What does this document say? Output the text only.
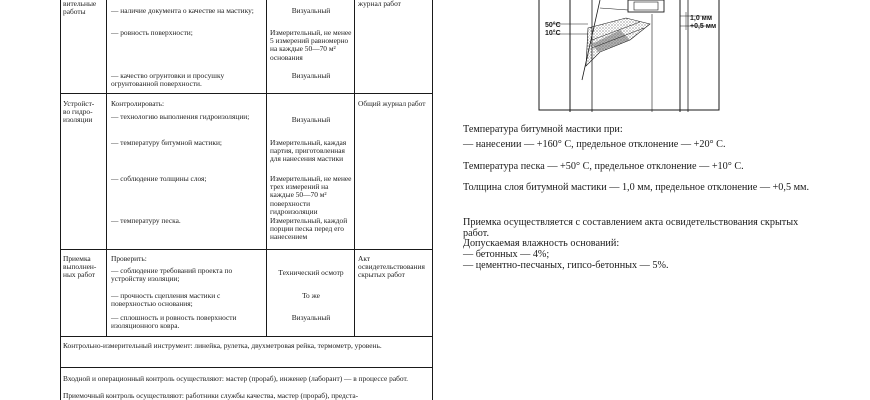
вительные
работы	— наличие документа о качестве на мастику;
— ровность поверхности;
— качество огрунтовки и просушку огрунтованной поверхности.
Визуальный
Измерительный, не менее 5 измерений равномерно на каждые 50—70 м² основания
Визуальный
журнал работ
Устройст-
во гидро-
изоляции
Контролировать:
— технологию выполнения гидроизоляции;
— температуру битумной мастики;
— соблюдение толщины слоя;
— температуру песка.
Визуальный
Измерительный, каждая партия, приготовленная для нанесения мастики
Измерительный, не менее трех измерений на каждые 50—70 м² поверхности гидроизоляции
Измерительный, каждой порции песка перед его нанесением
Общий журнал работ
Приемка
выполнен-
ных работ
Проверить:
— соблюдение требований проекта по устройству изоляции;
— прочность сцепления мастики с поверхностью основания;
— сплошность и ровность поверхности изоляционного ковра.
Технический осмотр
То же
Визуальный
Акт освидетельствования скрытых работ
Контрольно-измерительный инструмент: линейка, рулетка, двухметровая рейка, термометр, уровень.
Входной и операционный контроль осуществляют: мастер (прораб), инженер (лаборант) — в процессе работ.
Приемочный контроль осуществляют: работники службы качества, мастер (прораб), предста-
50°C
10°C
1,0 мм
+0,5 мм
Температура битумной мастики при:
— нанесении — +160° С, предельное отклонение — +20° С.
Температура песка — +50° С, предельное отклонение — +10° С.
Толщина слоя битумной мастики — 1,0 мм, предельное отклонение — +0,5 мм.
Приемка осуществляется с составлением акта освидетельствования скрытых работ.
Допускаемая влажность оснований:
— бетонных — 4%;
— цементно-песчаных, гипсо-бетонных — 5%.
